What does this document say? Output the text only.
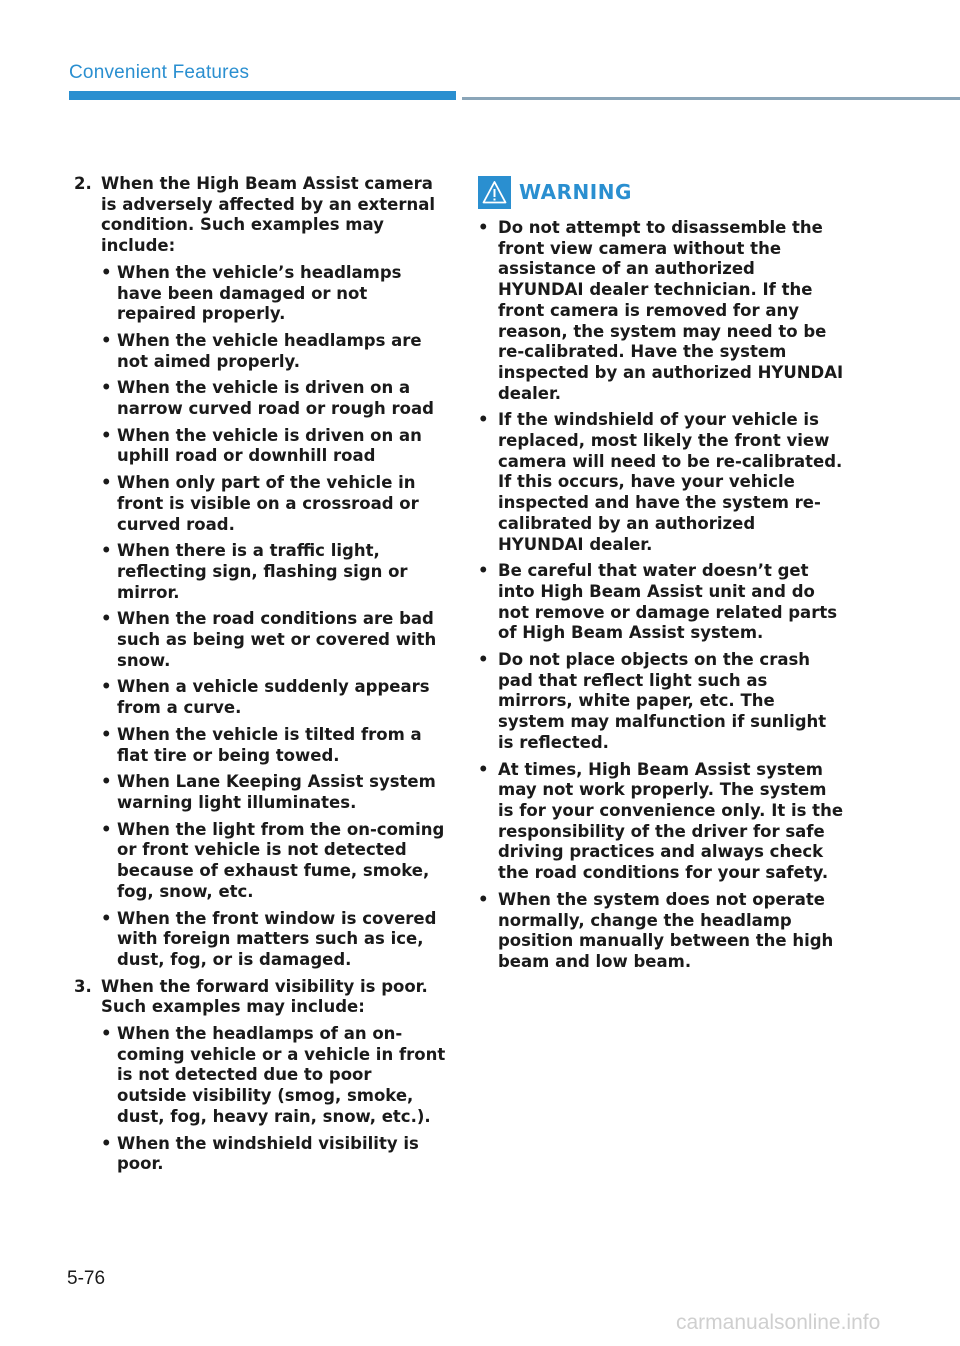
Convenient Features
2. When the High Beam Assist camera is adversely affected by an external condition. Such examples may include:
• When the vehicle’s headlamps have been damaged or not repaired properly.
• When the vehicle headlamps are not aimed properly.
• When the vehicle is driven on a narrow curved road or rough road
• When the vehicle is driven on an uphill road or downhill road
• When only part of the vehicle in front is visible on a crossroad or curved road.
• When there is a traffic light, reflecting sign, flashing sign or mirror.
• When the road conditions are bad such as being wet or covered with snow.
• When a vehicle suddenly appears from a curve.
• When the vehicle is tilted from a flat tire or being towed.
• When Lane Keeping Assist system warning light illuminates.
• When the light from the on-coming or front vehicle is not detected because of exhaust fume, smoke, fog, snow, etc.
• When the front window is covered with foreign matters such as ice, dust, fog, or is damaged.
3. When the forward visibility is poor. Such examples may include:
• When the headlamps of an on-coming vehicle or a vehicle in front is not detected due to poor outside visibility (smog, smoke, dust, fog, heavy rain, snow, etc.).
• When the windshield visibility is poor.
WARNING
• Do not attempt to disassemble the front view camera without the assistance of an authorized HYUNDAI dealer technician. If the front camera is removed for any reason, the system may need to be re-calibrated. Have the system inspected by an authorized HYUNDAI dealer.
• If the windshield of your vehicle is replaced, most likely the front view camera will need to be re-calibrated. If this occurs, have your vehicle inspected and have the system re-calibrated by an authorized HYUNDAI dealer.
• Be careful that water doesn’t get into High Beam Assist unit and do not remove or damage related parts of High Beam Assist system.
• Do not place objects on the crash pad that reflect light such as mirrors, white paper, etc. The system may malfunction if sunlight is reflected.
• At times, High Beam Assist system may not work properly. The system is for your convenience only. It is the responsibility of the driver for safe driving practices and always check the road conditions for your safety.
• When the system does not operate normally, change the headlamp position manually between the high beam and low beam.
5-76
carmanualsonline.info
